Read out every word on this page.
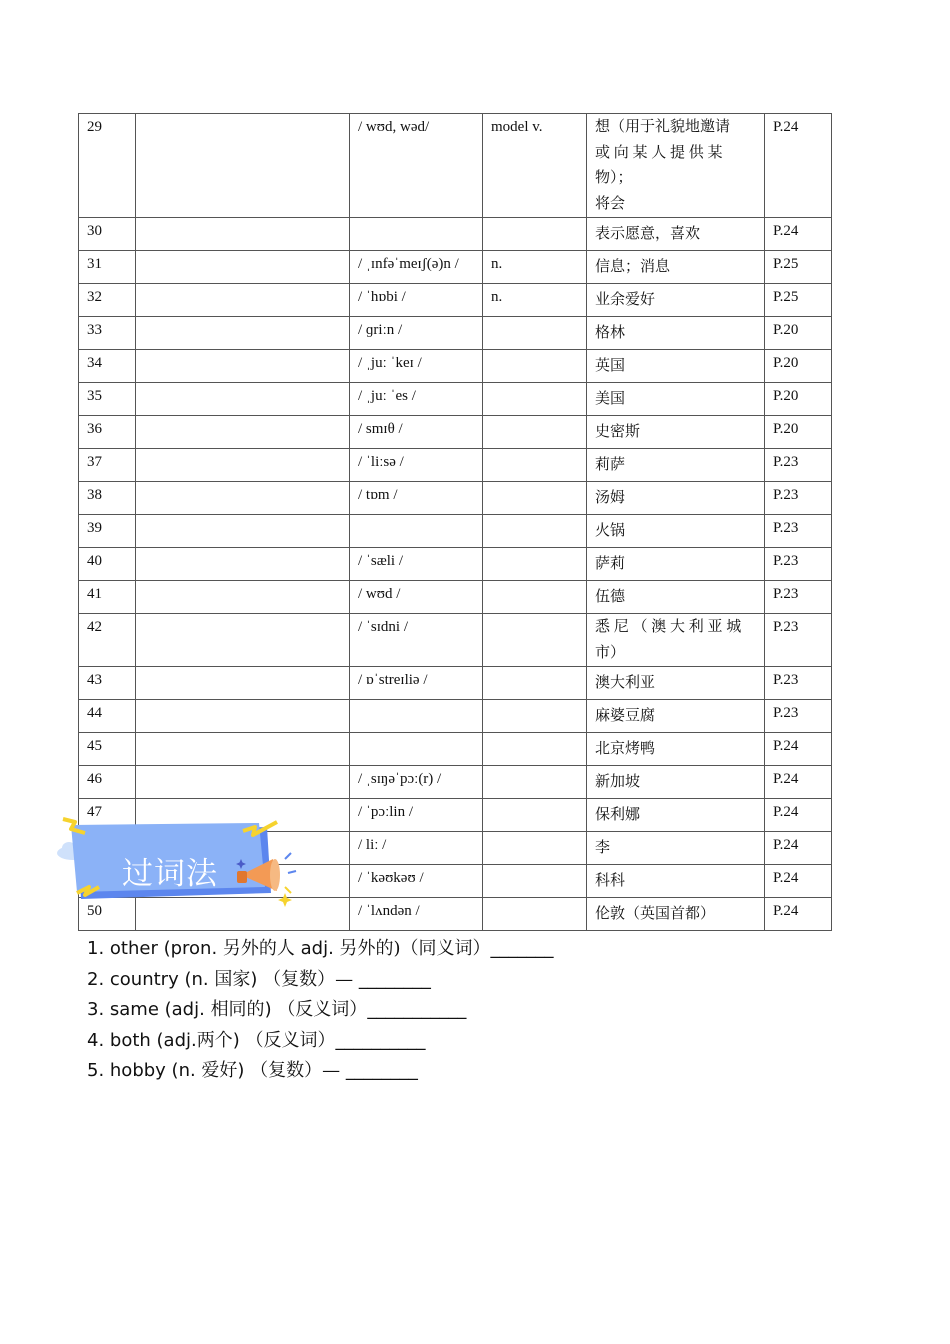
29		/ wʊd, wəd/	model v.	想（用于礼貌地邀请
或 向 某 人 提 供 某
物）；
将会	P.24
30				表示愿意，喜欢	P.24
31		/ ˌɪnfəˈmeɪʃ(ə)n /	n.	信息；消息	P.25
32		/ ˈhɒbi /	n.	业余爱好	P.25
33		/ ɡriːn /		格林	P.20
34		/ ˌjuː ˈkeɪ /		英国	P.20
35		/ ˌjuː ˈes /		美国	P.20
36		/ smɪθ /		史密斯	P.20
37		/ ˈliːsə /		莉萨	P.23
38		/ tɒm /		汤姆	P.23
39				火锅	P.23
40		/ ˈsæli /		萨莉	P.23
41		/ wʊd /		伍德	P.23
42		/ ˈsɪdni /		悉 尼 （ 澳 大 利 亚 城
市）	P.23
43		/ ɒˈstreɪliə /		澳大利亚	P.23
44				麻婆豆腐	P.23
45				北京烤鸭	P.24
46		/ ˌsɪŋəˈpɔː(r) /		新加坡	P.24
47		/ ˈpɔːlin /		保利娜	P.24
		/ liː /		李	P.24
		/ ˈkəʊkəʊ /		科科	P.24
50		/ ˈlʌndən /		伦敦（英国首都）	P.24
过词法
1. other (pron. 另外的人 adj. 另外的)（同义词）_______
2. country (n. 国家) （复数）— ________
3. same (adj. 相同的) （反义词）___________
4. both (adj.两个) （反义词）__________
5. hobby (n. 爱好) （复数）— ________
